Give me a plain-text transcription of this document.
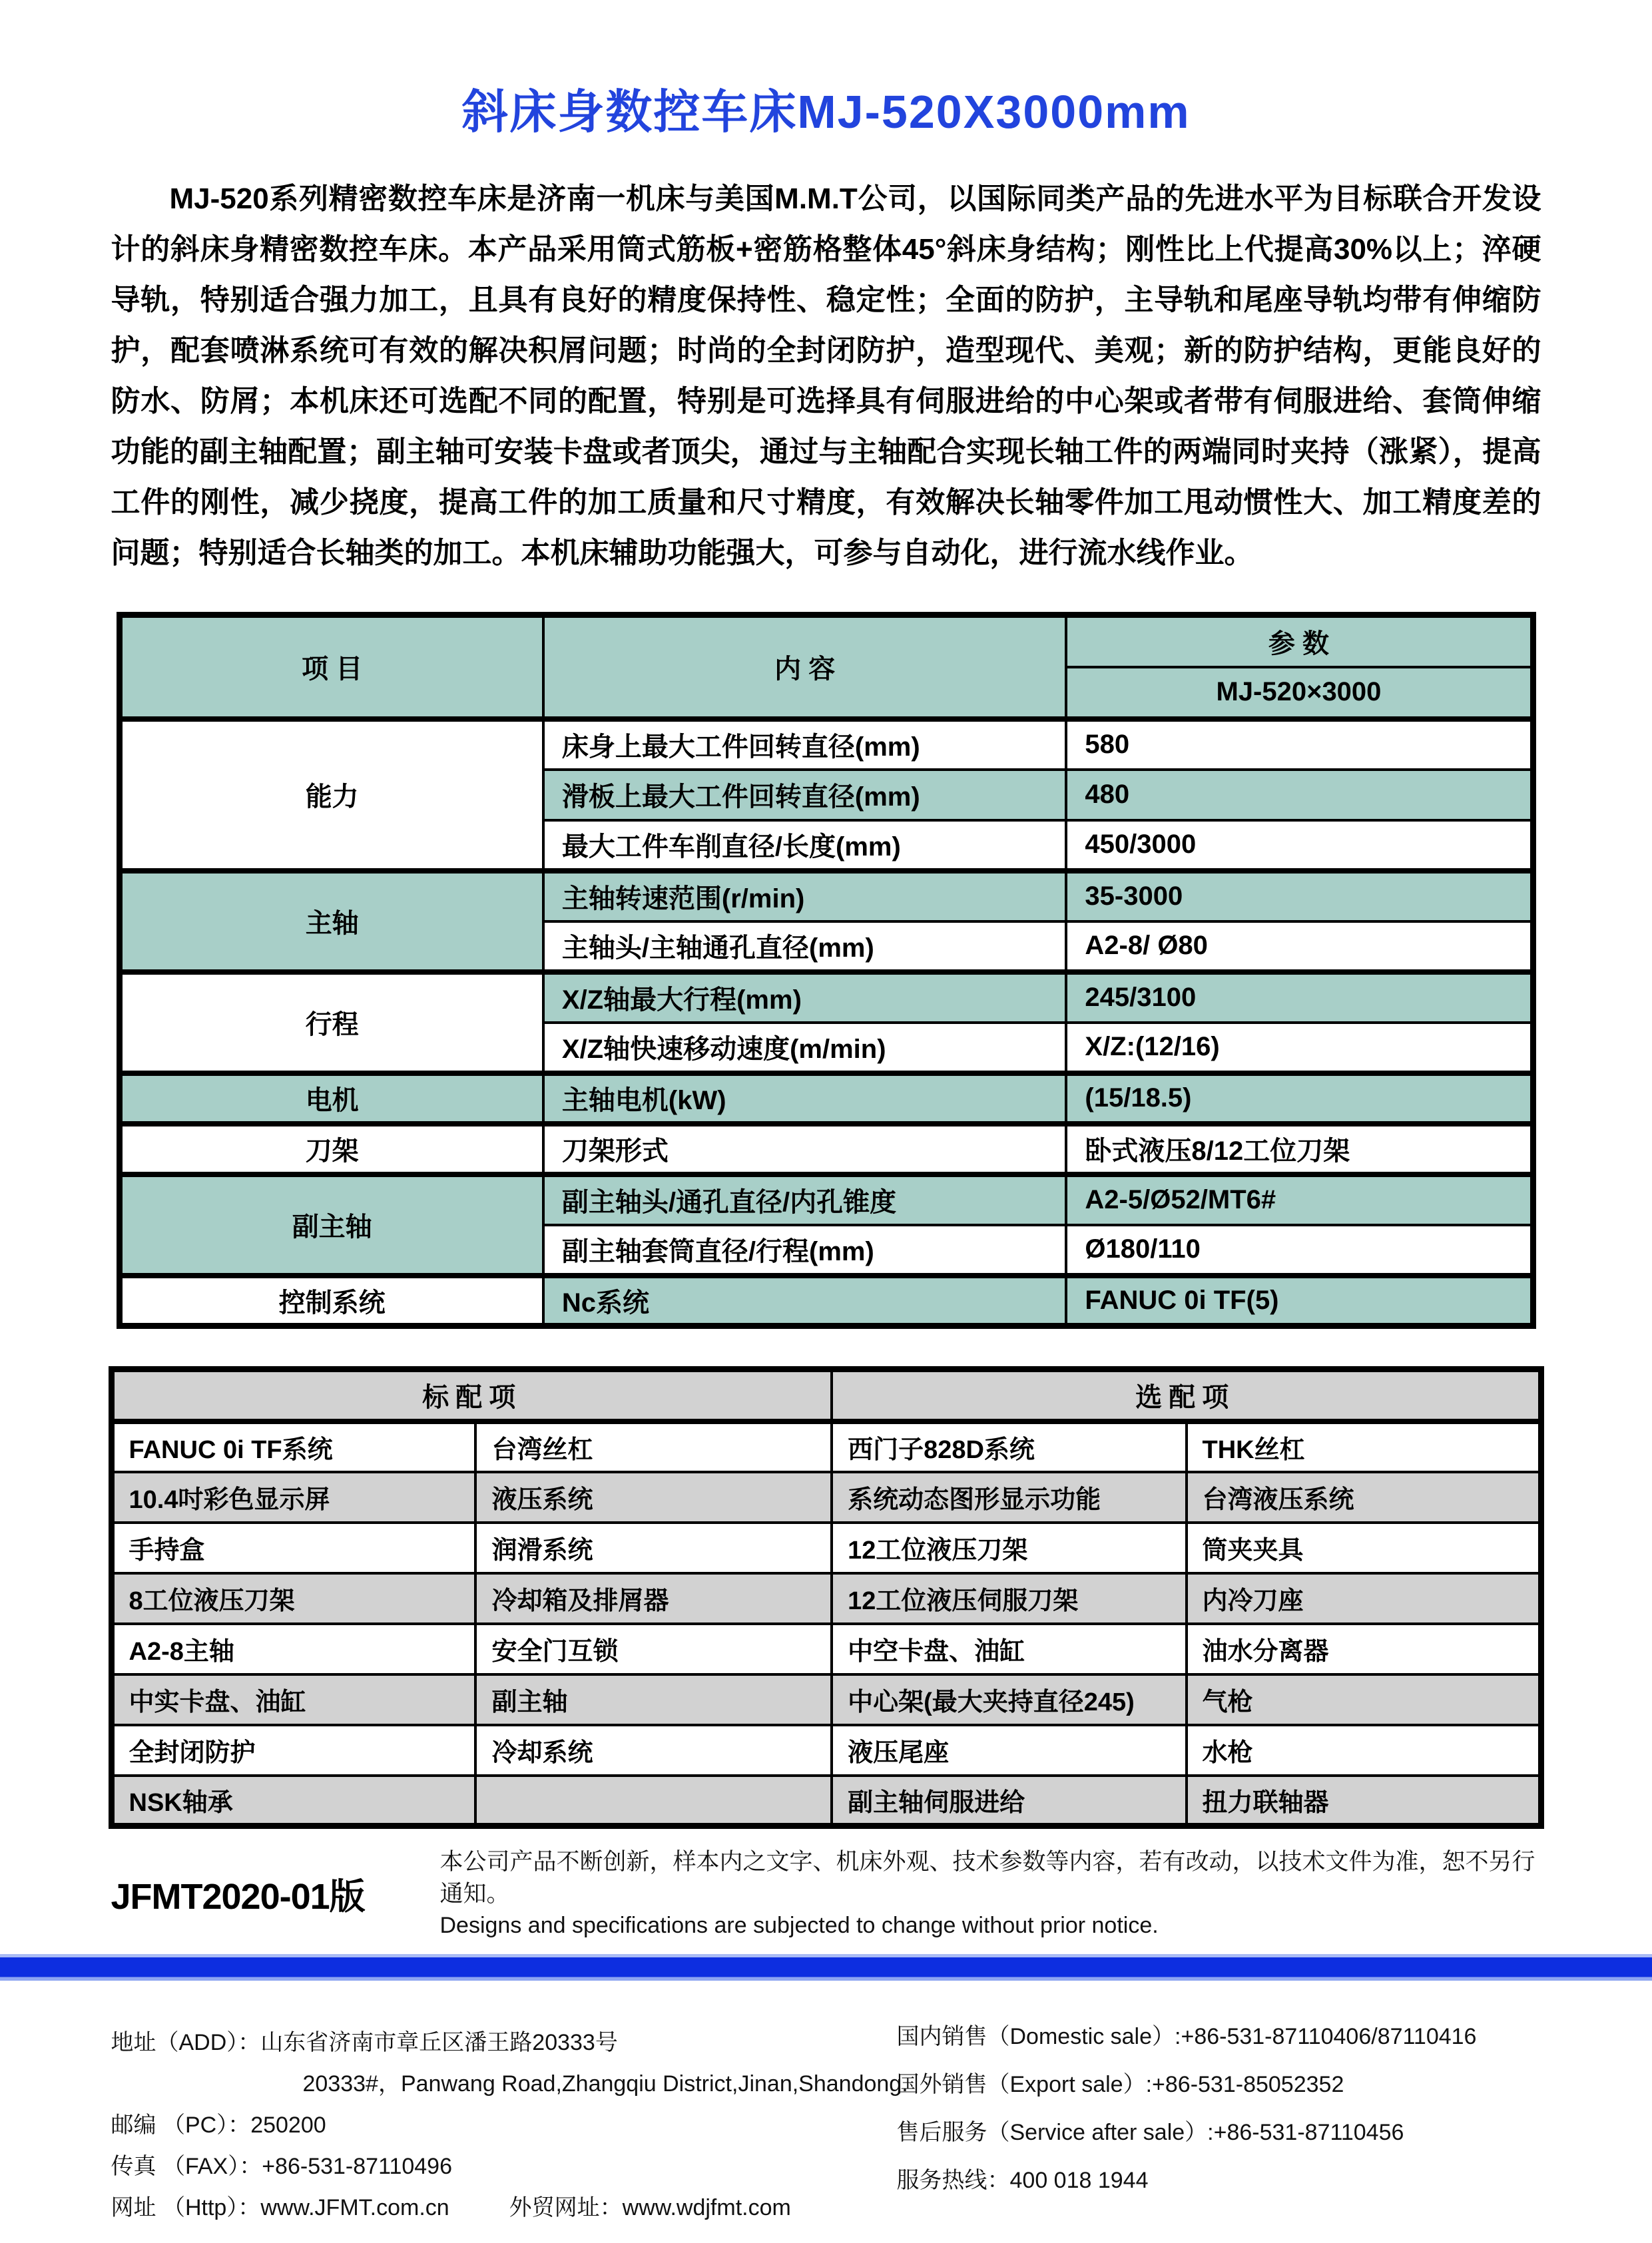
斜床身数控车床MJ-520X3000mm

MJ-520系列精密数控车床是济南一机床与美国M.M.T公司，以国际同类产品的先进水平为目标联合开发设计的斜床身精密数控车床。本产品采用筒式筋板+密筋格整体45°斜床身结构；刚性比上代提高30%以上；淬硬导轨，特别适合强力加工，且具有良好的精度保持性、稳定性；全面的防护，主导轨和尾座导轨均带有伸缩防护，配套喷淋系统可有效的解决积屑问题；时尚的全封闭防护，造型现代、美观；新的防护结构，更能良好的防水、防屑；本机床还可选配不同的配置，特别是可选择具有伺服进给的中心架或者带有伺服进给、套筒伸缩功能的副主轴配置；副主轴可安装卡盘或者顶尖，通过与主轴配合实现长轴工件的两端同时夹持（涨紧），提高工件的刚性，减少挠度，提高工件的加工质量和尺寸精度，有效解决长轴零件加工甩动惯性大、加工精度差的问题；特别适合长轴类的加工。本机床辅助功能强大，可参与自动化，进行流水线作业。

项 目	内 容	参 数
		MJ-520×3000
能力	床身上最大工件回转直径(mm)	580
	滑板上最大工件回转直径(mm)	480
	最大工件车削直径/长度(mm)	450/3000
主轴	主轴转速范围(r/min)	35-3000
	主轴头/主轴通孔直径(mm)	A2-8/ Ø80
行程	X/Z轴最大行程(mm)	245/3100
	X/Z轴快速移动速度(m/min)	X/Z:(12/16)
电机	主轴电机(kW)	(15/18.5)
刀架	刀架形式	卧式液压8/12工位刀架
副主轴	副主轴头/通孔直径/内孔锥度	A2-5/Ø52/MT6#
	副主轴套筒直径/行程(mm)	Ø180/110
控制系统	Nc系统	FANUC 0i TF(5)
标配项		选配项	
FANUC 0i TF系统	台湾丝杠	西门子828D系统	THK丝杠
10.4吋彩色显示屏	液压系统	系统动态图形显示功能	台湾液压系统
手持盒	润滑系统	12工位液压刀架	筒夹夹具
8工位液压刀架	冷却箱及排屑器	12工位液压伺服刀架	内冷刀座
A2-8主轴	安全门互锁	中空卡盘、油缸	油水分离器
中实卡盘、油缸	副主轴	中心架(最大夹持直径245)	气枪
全封闭防护	冷却系统	液压尾座	水枪
NSK轴承		副主轴伺服进给	扭力联轴器
JFMT2020-01版
本公司产品不断创新，样本内之文字、机床外观、技术参数等内容，若有改动，以技术文件为准，恕不另行通知。
Designs and specifications are subjected to change without prior notice.
地址（ADD）：山东省济南市章丘区潘王路20333号
20333#，Panwang Road,Zhangqiu District,Jinan,Shandong.
邮编 （PC）：250200
传真 （FAX）：+86-531-87110496
网址 （Http）：www.JFMT.com.cn	外贸网址：www.wdjfmt.com
国内销售（Domestic sale）:+86-531-87110406/87110416
国外销售（Export sale）:+86-531-85052352
售后服务（Service after sale）:+86-531-87110456
服务热线：400 018 1944
